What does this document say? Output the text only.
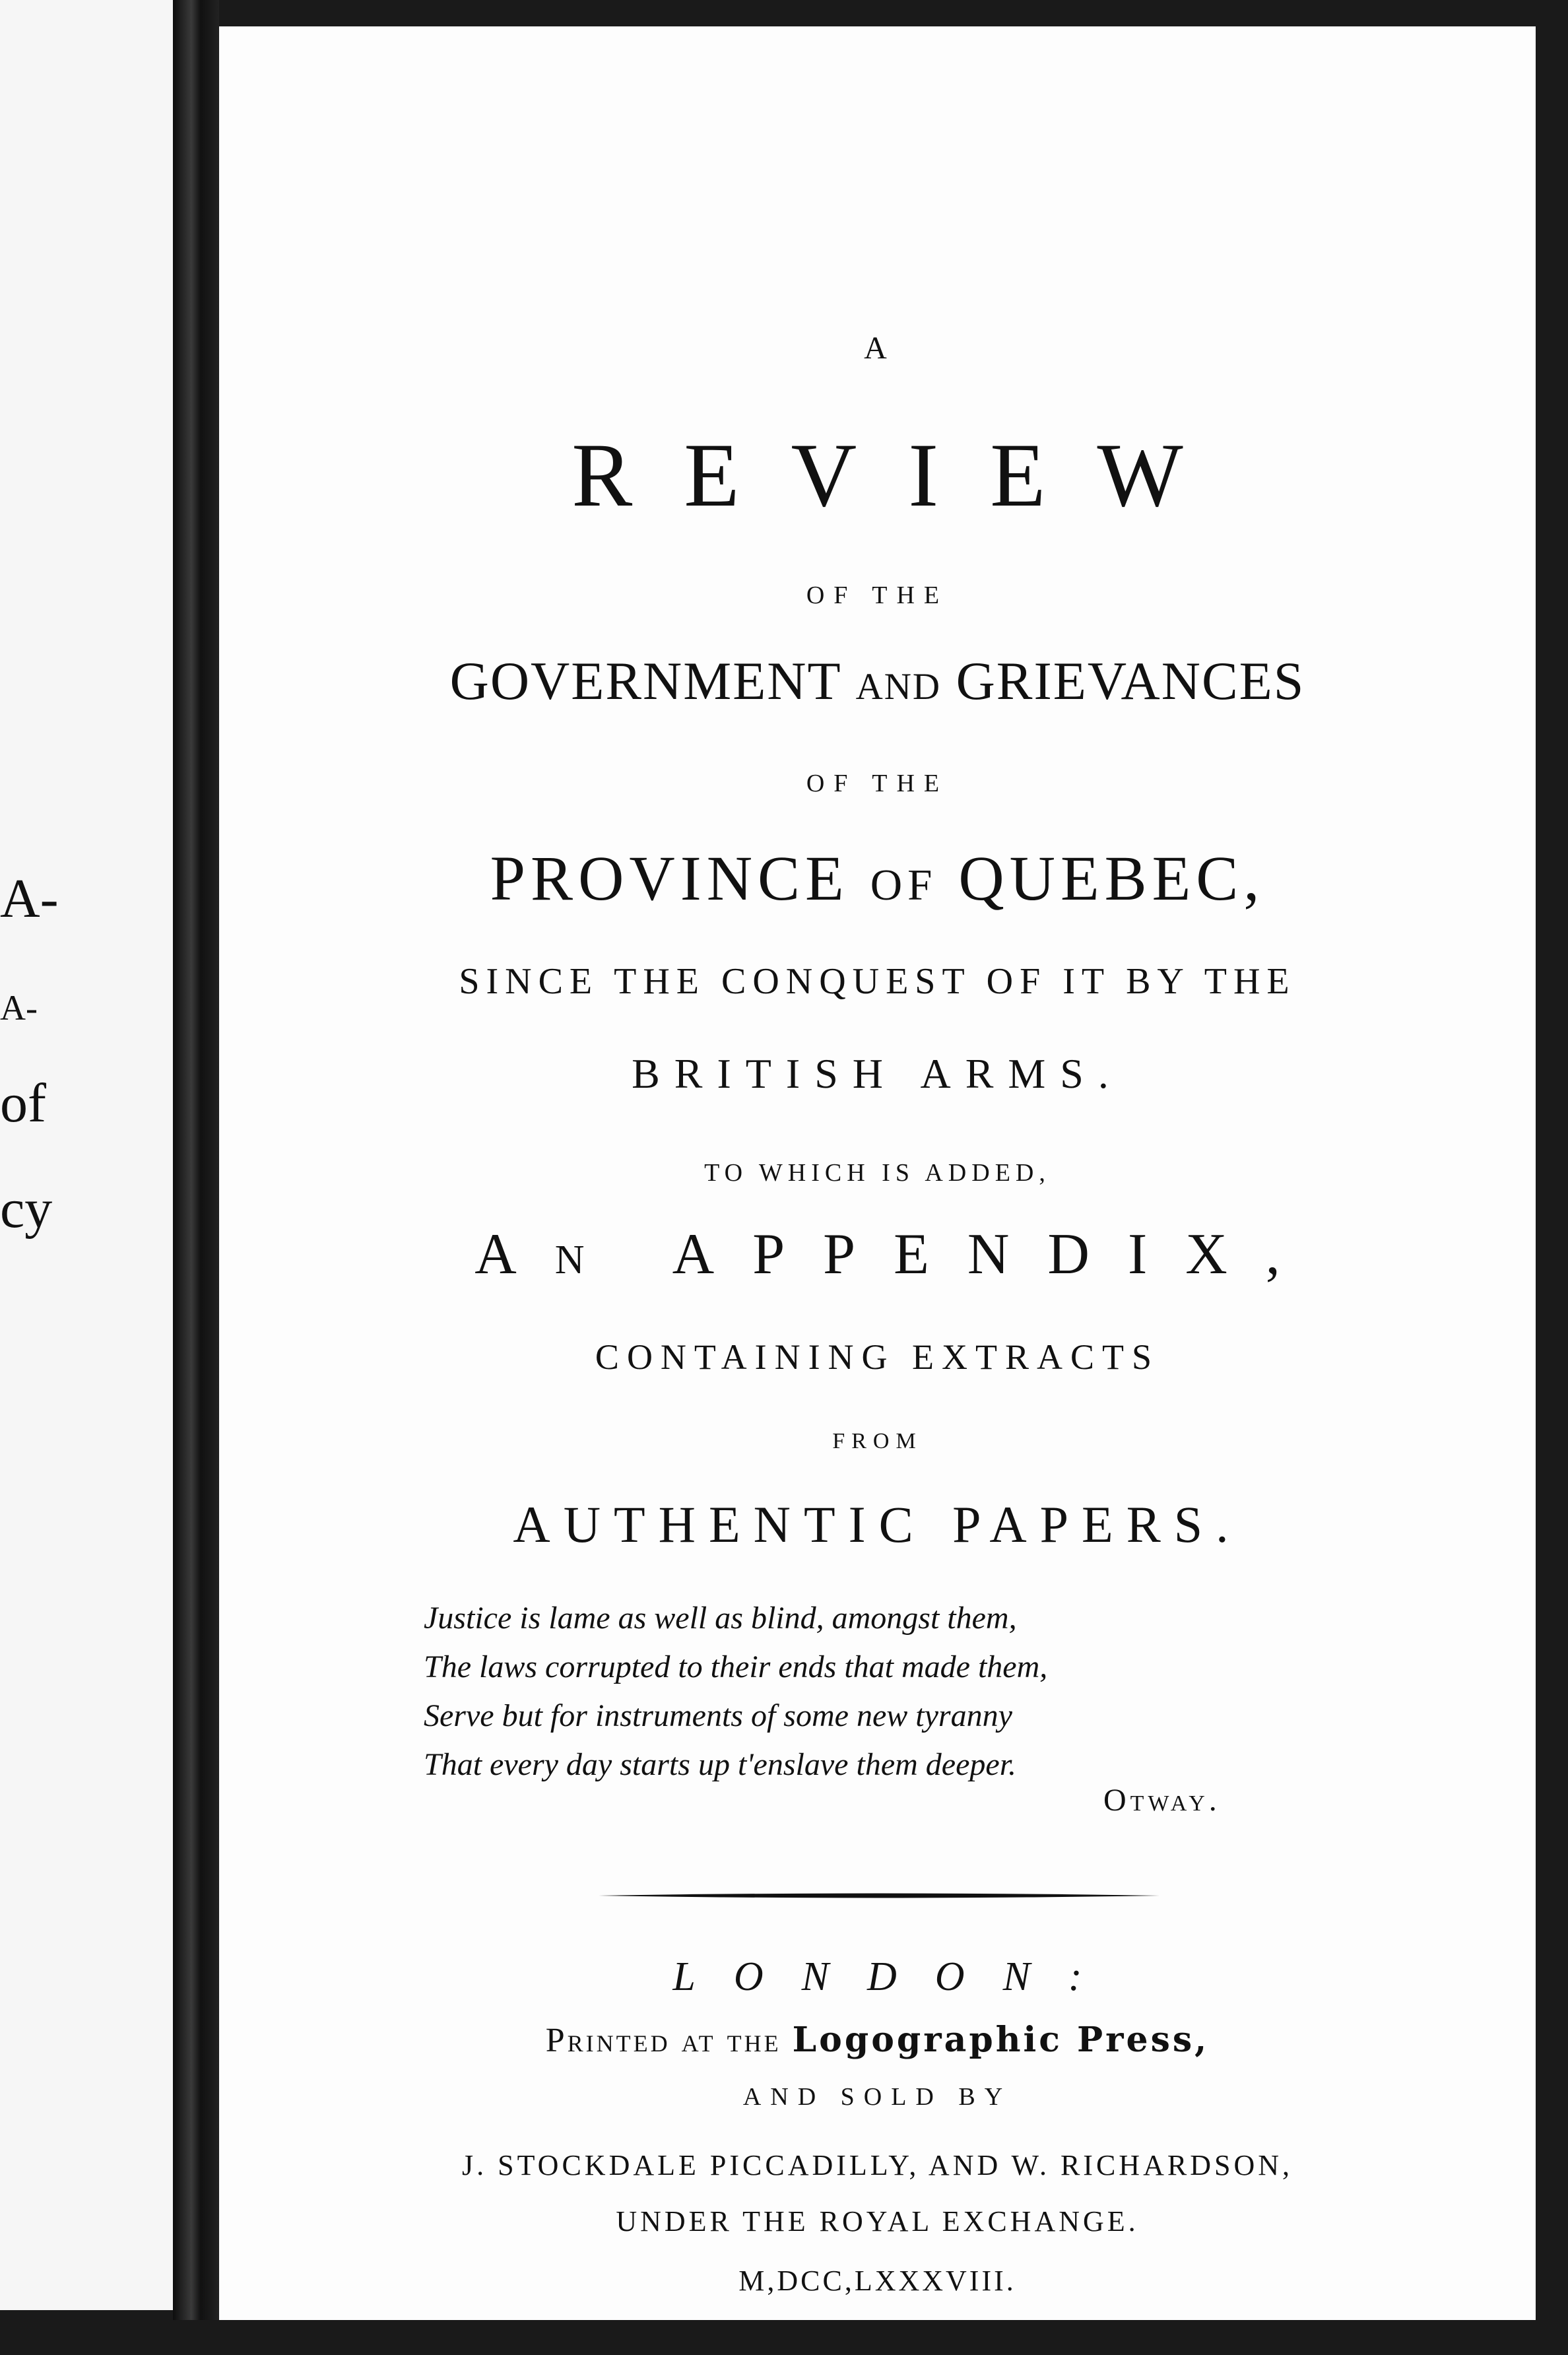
A-
A-
of
cy
A
REVIEW
OF THE
GOVERNMENT and GRIEVANCES
OF THE
PROVINCE of QUEBEC,
SINCE THE CONQUEST OF IT BY THE
BRITISH ARMS.
TO WHICH IS ADDED,
An APPENDIX,
CONTAINING EXTRACTS
FROM
AUTHENTIC PAPERS.
Justice is lame as well as blind, amongst them,
The laws corrupted to their ends that made them,
Serve but for instruments of some new tyranny
That every day starts up t'enslave them deeper.
Otway.
LONDON:
Printed at the Logographic Press,
AND SOLD BY
J. STOCKDALE PICCADILLY, AND W. RICHARDSON,
UNDER THE ROYAL EXCHANGE.
M,DCC,LXXXVIII.
